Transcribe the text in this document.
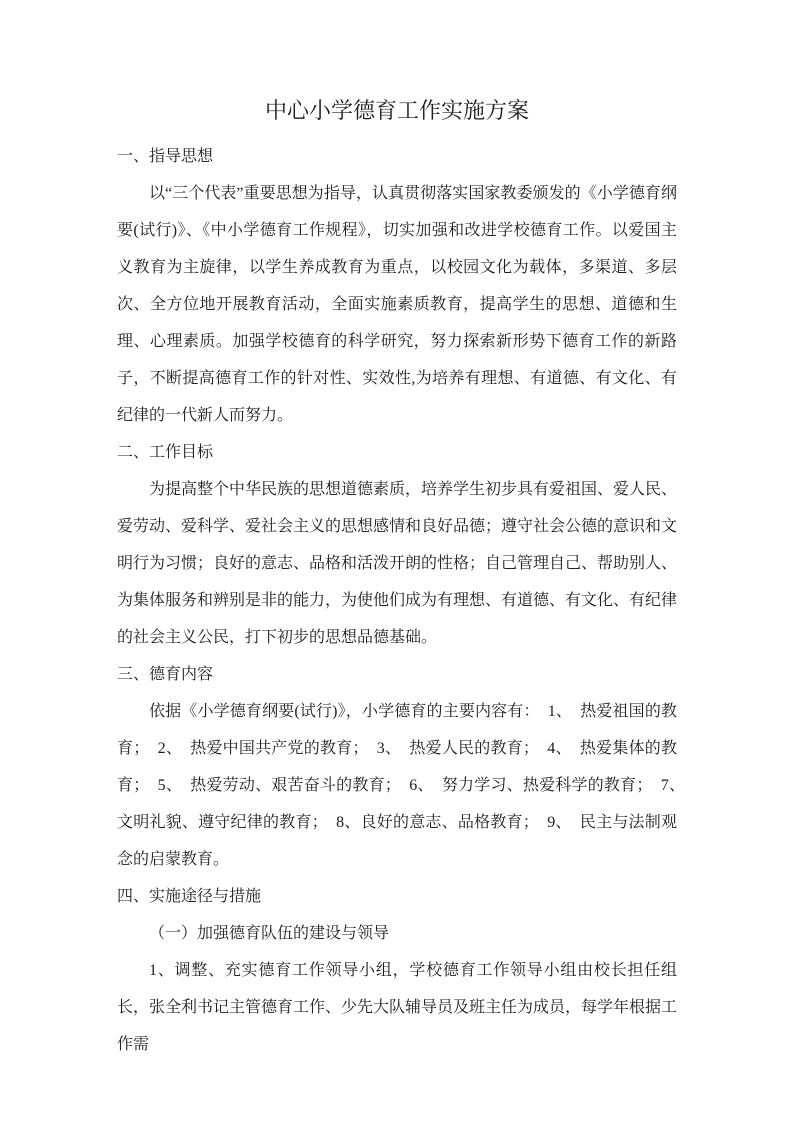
中心小学德育工作实施方案

一、指导思想

以“三个代表”重要思想为指导，认真贯彻落实国家教委颁发的《小学德育纲要(试行)》、《中小学德育工作规程》，切实加强和改进学校德育工作。以爱国主义教育为主旋律，以学生养成教育为重点，以校园文化为载体，多渠道、多层次、全方位地开展教育活动，全面实施素质教育，提高学生的思想、道德和生理、心理素质。加强学校德育的科学研究，努力探索新形势下德育工作的新路子，不断提高德育工作的针对性、实效性,为培养有理想、有道德、有文化、有纪律的一代新人而努力。

二、工作目标

为提高整个中华民族的思想道德素质，培养学生初步具有爱祖国、爱人民、爱劳动、爱科学、爱社会主义的思想感情和良好品德；遵守社会公德的意识和文明行为习惯；良好的意志、品格和活泼开朗的性格；自己管理自己、帮助别人、为集体服务和辨别是非的能力，为使他们成为有理想、有道德、有文化、有纪律的社会主义公民，打下初步的思想品德基础。

三、德育内容

依据《小学德育纲要(试行)》，小学德育的主要内容有：　1、　热爱祖国的教育；　2、　热爱中国共产党的教育；　3、　热爱人民的教育；　4、　热爱集体的教育；　5、　热爱劳动、艰苦奋斗的教育；　6、　努力学习、热爱科学的教育；　7、　文明礼貌、遵守纪律的教育；　8、良好的意志、品格教育；　9、　民主与法制观念的启蒙教育。

四、实施途径与措施

（一）加强德育队伍的建设与领导

1、调整、充实德育工作领导小组，学校德育工作领导小组由校长担任组长，张全利书记主管德育工作、少先大队辅导员及班主任为成员，每学年根据工作需
